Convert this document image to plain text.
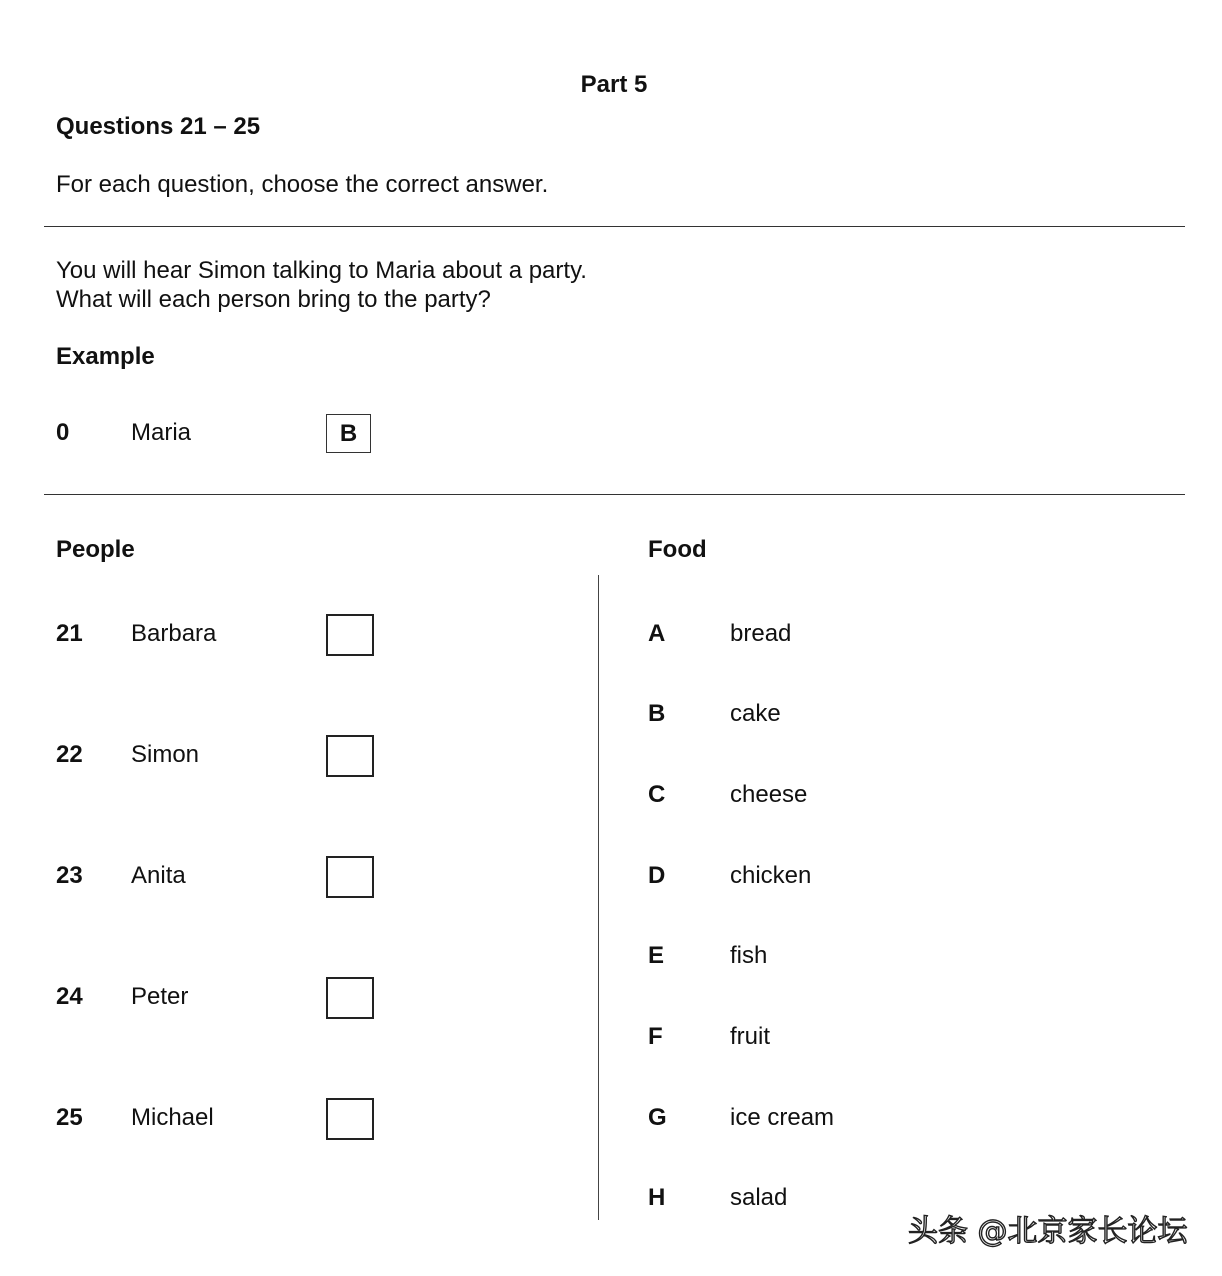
Part 5
Questions 21 – 25
For each question, choose the correct answer.
You will hear Simon talking to Maria about a party.
What will each person bring to the party?
Example
0	Maria	B
People
21 Barbara
22 Simon
23 Anita
24 Peter
25 Michael
Food
A	bread
B	cake
C	cheese
D	chicken
E	fish
F	fruit
G	ice cream
H	salad
头条 @北京家长论坛
